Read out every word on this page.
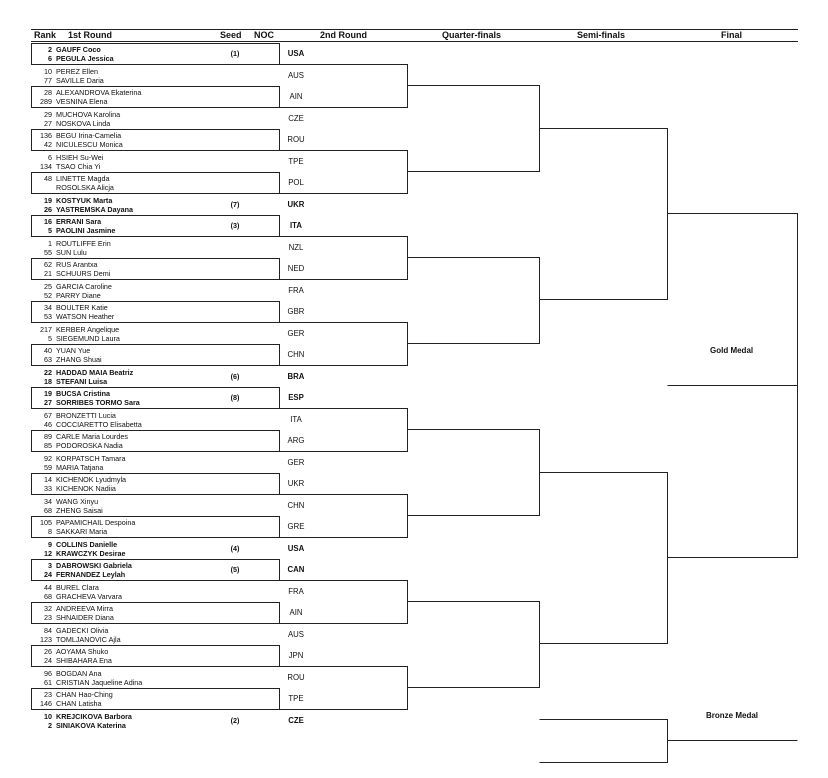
Rank 1st Round	Seed NOC	2nd Round	Quarter-finals	Semi-finals	Final
2 GAUFF Coco
6 PEGULA Jessica
(1)	USA
10 PEREZ Ellen
77 SAVILLE Daria
AUS
28 ALEXANDROVA Ekaterina
289 VESNINA Elena
AIN
29 MUCHOVA Karolina
27 NOSKOVA Linda
CZE
136 BEGU Irina-Camelia
42 NICULESCU Monica
ROU
6 HSIEH Su-Wei
134 TSAO Chia Yi
TPE
48 LINETTE Magda
ROSOLSKA Alicja
POL
19 KOSTYUK Marta
26 YASTREMSKA Dayana
(7)	UKR
16 ERRANI Sara
5 PAOLINI Jasmine
(3)	ITA
1 ROUTLIFFE Erin
55 SUN Lulu
NZL
62 RUS Arantxa
21 SCHUURS Demi
NED
25 GARCIA Caroline
52 PARRY Diane
FRA
34 BOULTER Katie
53 WATSON Heather
GBR
217 KERBER Angelique
5 SIEGEMUND Laura
GER
40 YUAN Yue
63 ZHANG Shuai
CHN
22 HADDAD MAIA Beatriz
18 STEFANI Luisa
(6)	BRA
19 BUCSA Cristina
27 SORRIBES TORMO Sara
(8)	ESP
67 BRONZETTI Lucia
46 COCCIARETTO Elisabetta
ITA
89 CARLE Maria Lourdes
85 PODOROSKA Nadia
ARG
92 KORPATSCH Tamara
59 MARIA Tatjana
GER
14 KICHENOK Lyudmyla
33 KICHENOK Nadiia
UKR
34 WANG Xinyu
68 ZHENG Saisai
CHN
105 PAPAMICHAIL Despoina
8 SAKKARI Maria
GRE
9 COLLINS Danielle
12 KRAWCZYK Desirae
(4)	USA
3 DABROWSKI Gabriela
24 FERNANDEZ Leylah
(5)	CAN
44 BUREL Clara
68 GRACHEVA Varvara
FRA
32 ANDREEVA Mirra
23 SHNAIDER Diana
AIN
84 GADECKI Olivia
123 TOMLJANOVIC Ajla
AUS
26 AOYAMA Shuko
24 SHIBAHARA Ena
JPN
96 BOGDAN Ana
61 CRISTIAN Jaqueline Adina
ROU
23 CHAN Hao-Ching
146 CHAN Latisha
TPE
10 KREJCIKOVA Barbora
2 SINIAKOVA Katerina
(2)	CZE
Gold Medal
Bronze Medal
